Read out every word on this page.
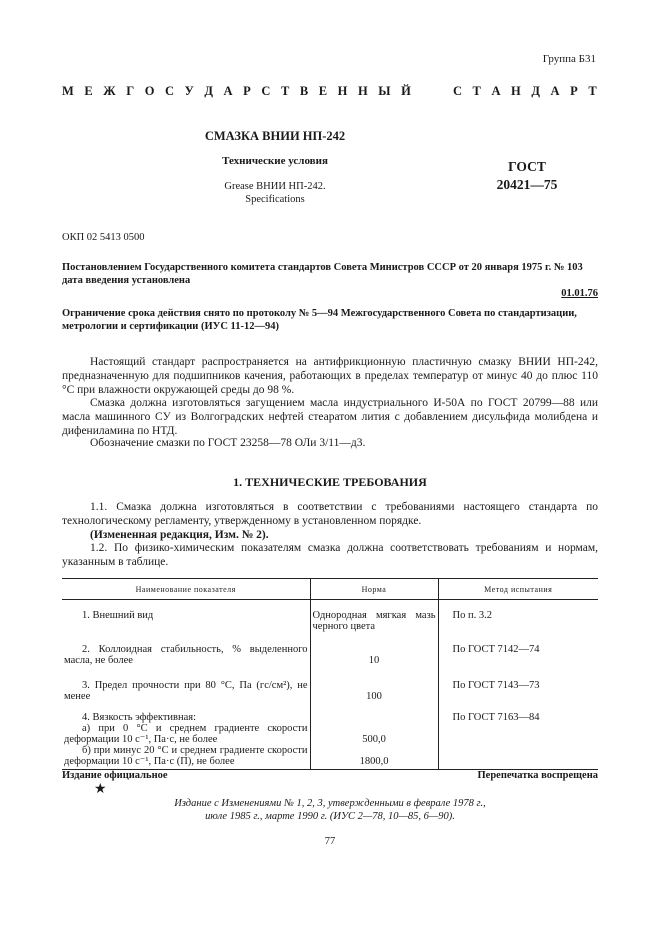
Группа Б31
М Е Ж Г О С У Д А Р С Т В Е Н Н Ы Й	С Т А Н Д А Р Т
СМАЗКА ВНИИ НП-242
Технические условия
Grease ВНИИ НП-242.
Specifications
ГОСТ
20421—75
ОКП 02 5413 0500
Постановлением Государственного комитета стандартов Совета Министров СССР от 20 января 1975 г. № 103 дата введения установлена
01.01.76
Ограничение срока действия снято по протоколу № 5—94 Межгосударственного Совета по стандартизации, метрологии и сертификации (ИУС 11-12—94)
Настоящий стандарт распространяется на антифрикционную пластичную смазку ВНИИ НП-242, предназначенную для подшипников качения, работающих в пределах температур от минус 40 до плюс 110 °С при влажности окружающей среды до 98 %.
Смазка должна изготовляться загущением масла индустриального И-50А по ГОСТ 20799—88 или масла машинного СУ из Волгоградских нефтей стеаратом лития с добавлением дисульфида молибдена и дифениламина по НТД.
Обозначение смазки по ГОСТ 23258—78 ОЛи 3/11—д3.
1. ТЕХНИЧЕСКИЕ ТРЕБОВАНИЯ
1.1. Смазка должна изготовляться в соответствии с требованиями настоящего стандарта по технологическому регламенту, утвержденному в установленном порядке.
(Измененная редакция, Изм. № 2).
1.2. По физико-химическим показателям смазка должна соответствовать требованиям и нормам, указанным в таблице.
Наименование показателя	Норма	Метод испытания
1. Внешний вид	Однородная мягкая мазь черного цвета	По п. 3.2
2. Коллоидная стабильность, % выделенного масла, не более	10	По ГОСТ 7142—74
3. Предел прочности при 80 °С, Па (гс/см²), не менее	100	По ГОСТ 7143—73
4. Вязкость эффективная:		По ГОСТ 7163—84
а) при 0 °С и среднем градиенте скорости деформации 10 с⁻¹, Па·с, не более	500,0	
б) при минус 20 °С и среднем градиенте скорости деформации 10 с⁻¹, Па·с (П), не более	1800,0	
Издание официальное	Перепечатка воспрещена
★
Издание с Изменениями № 1, 2, 3, утвержденными в феврале 1978 г.,
июле 1985 г., марте 1990 г. (ИУС 2—78, 10—85, 6—90).
77
